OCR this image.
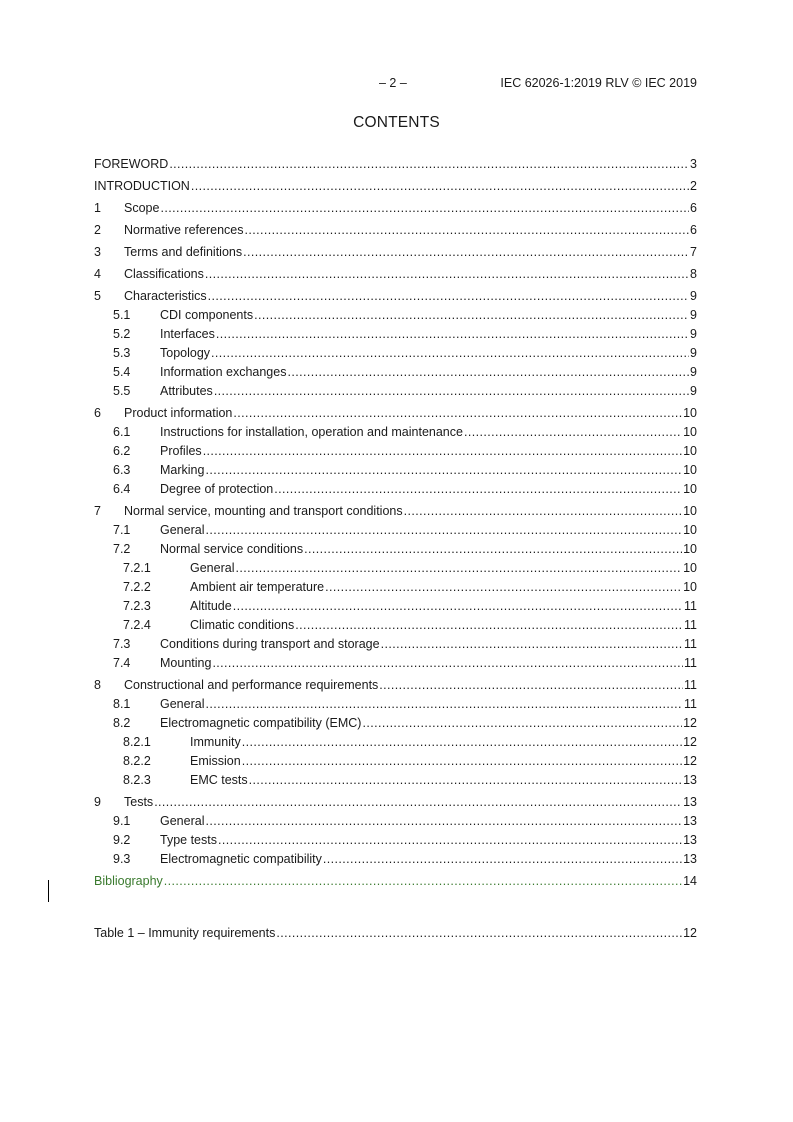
– 2 –	IEC 62026-1:2019 RLV © IEC 2019
CONTENTS
FOREWORD .....	3
INTRODUCTION .....	2
1	Scope .....	6
2	Normative references .....	6
3	Terms and definitions .....	7
4	Classifications .....	8
5	Characteristics .....	9
5.1	CDI components .....	9
5.2	Interfaces .....	9
5.3	Topology .....	9
5.4	Information exchanges .....	9
5.5	Attributes .....	9
6	Product information .....	10
6.1	Instructions for installation, operation and maintenance .....	10
6.2	Profiles .....	10
6.3	Marking .....	10
6.4	Degree of protection .....	10
7	Normal service, mounting and transport conditions .....	10
7.1	General .....	10
7.2	Normal service conditions .....	10
7.2.1	General .....	10
7.2.2	Ambient air temperature .....	10
7.2.3	Altitude .....	11
7.2.4	Climatic conditions .....	11
7.3	Conditions during transport and storage .....	11
7.4	Mounting .....	11
8	Constructional and performance requirements .....	11
8.1	General .....	11
8.2	Electromagnetic compatibility (EMC) .....	12
8.2.1	Immunity .....	12
8.2.2	Emission .....	12
8.2.3	EMC tests .....	13
9	Tests .....	13
9.1	General .....	13
9.2	Type tests .....	13
9.3	Electromagnetic compatibility .....	13
Bibliography .....	14
Table 1 – Immunity requirements .....	12
